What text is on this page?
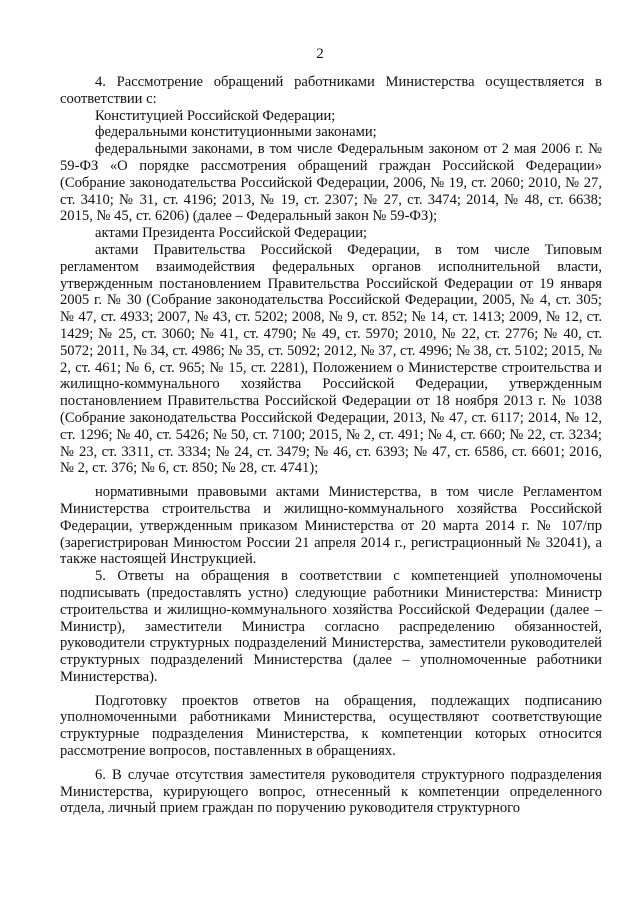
2

4. Рассмотрение обращений работниками Министерства осуществляется в соответствии с:

Конституцией Российской Федерации;

федеральными конституционными законами;

федеральными законами, в том числе Федеральным законом от 2 мая 2006 г. № 59-ФЗ «О порядке рассмотрения обращений граждан Российской Федерации» (Собрание законодательства Российской Федерации, 2006, № 19, ст. 2060; 2010, № 27, ст. 3410; № 31, ст. 4196; 2013, № 19, ст. 2307; № 27, ст. 3474; 2014, № 48, ст. 6638; 2015, № 45, ст. 6206) (далее – Федеральный закон № 59-ФЗ);

актами Президента Российской Федерации;

актами Правительства Российской Федерации, в том числе Типовым регламентом взаимодействия федеральных органов исполнительной власти, утвержденным постановлением Правительства Российской Федерации от 19 января 2005 г. № 30 (Собрание законодательства Российской Федерации, 2005, № 4, ст. 305; № 47, ст. 4933; 2007, № 43, ст. 5202; 2008, № 9, ст. 852; № 14, ст. 1413; 2009, № 12, ст. 1429; № 25, ст. 3060; № 41, ст. 4790; № 49, ст. 5970; 2010, № 22, ст. 2776; № 40, ст. 5072; 2011, № 34, ст. 4986; № 35, ст. 5092; 2012, № 37, ст. 4996; № 38, ст. 5102; 2015, № 2, ст. 461; № 6, ст. 965; № 15, ст. 2281), Положением о Министерстве строительства и жилищно-коммунального хозяйства Российской Федерации, утвержденным постановлением Правительства Российской Федерации от 18 ноября 2013 г. № 1038 (Собрание законодательства Российской Федерации, 2013, № 47, ст. 6117; 2014, № 12, ст. 1296; № 40, ст. 5426; № 50, ст. 7100; 2015, № 2, ст. 491; № 4, ст. 660; № 22, ст. 3234; № 23, ст. 3311, ст. 3334; № 24, ст. 3479; № 46, ст. 6393; № 47, ст. 6586, ст. 6601; 2016, № 2, ст. 376; № 6, ст. 850; № 28, ст. 4741);

нормативными правовыми актами Министерства, в том числе Регламентом Министерства строительства и жилищно-коммунального хозяйства Российской Федерации, утвержденным приказом Министерства от 20 марта 2014 г. № 107/пр (зарегистрирован Минюстом России 21 апреля 2014 г., регистрационный № 32041), а также настоящей Инструкцией.

5. Ответы на обращения в соответствии с компетенцией уполномочены подписывать (предоставлять устно) следующие работники Министерства: Министр строительства и жилищно-коммунального хозяйства Российской Федерации (далее – Министр), заместители Министра согласно распределению обязанностей, руководители структурных подразделений Министерства, заместители руководителей структурных подразделений Министерства (далее – уполномоченные работники Министерства).

Подготовку проектов ответов на обращения, подлежащих подписанию уполномоченными работниками Министерства, осуществляют соответствующие структурные подразделения Министерства, к компетенции которых относится рассмотрение вопросов, поставленных в обращениях.

6. В случае отсутствия заместителя руководителя структурного подразделения Министерства, курирующего вопрос, отнесенный к компетенции определенного отдела, личный прием граждан по поручению руководителя структурного
